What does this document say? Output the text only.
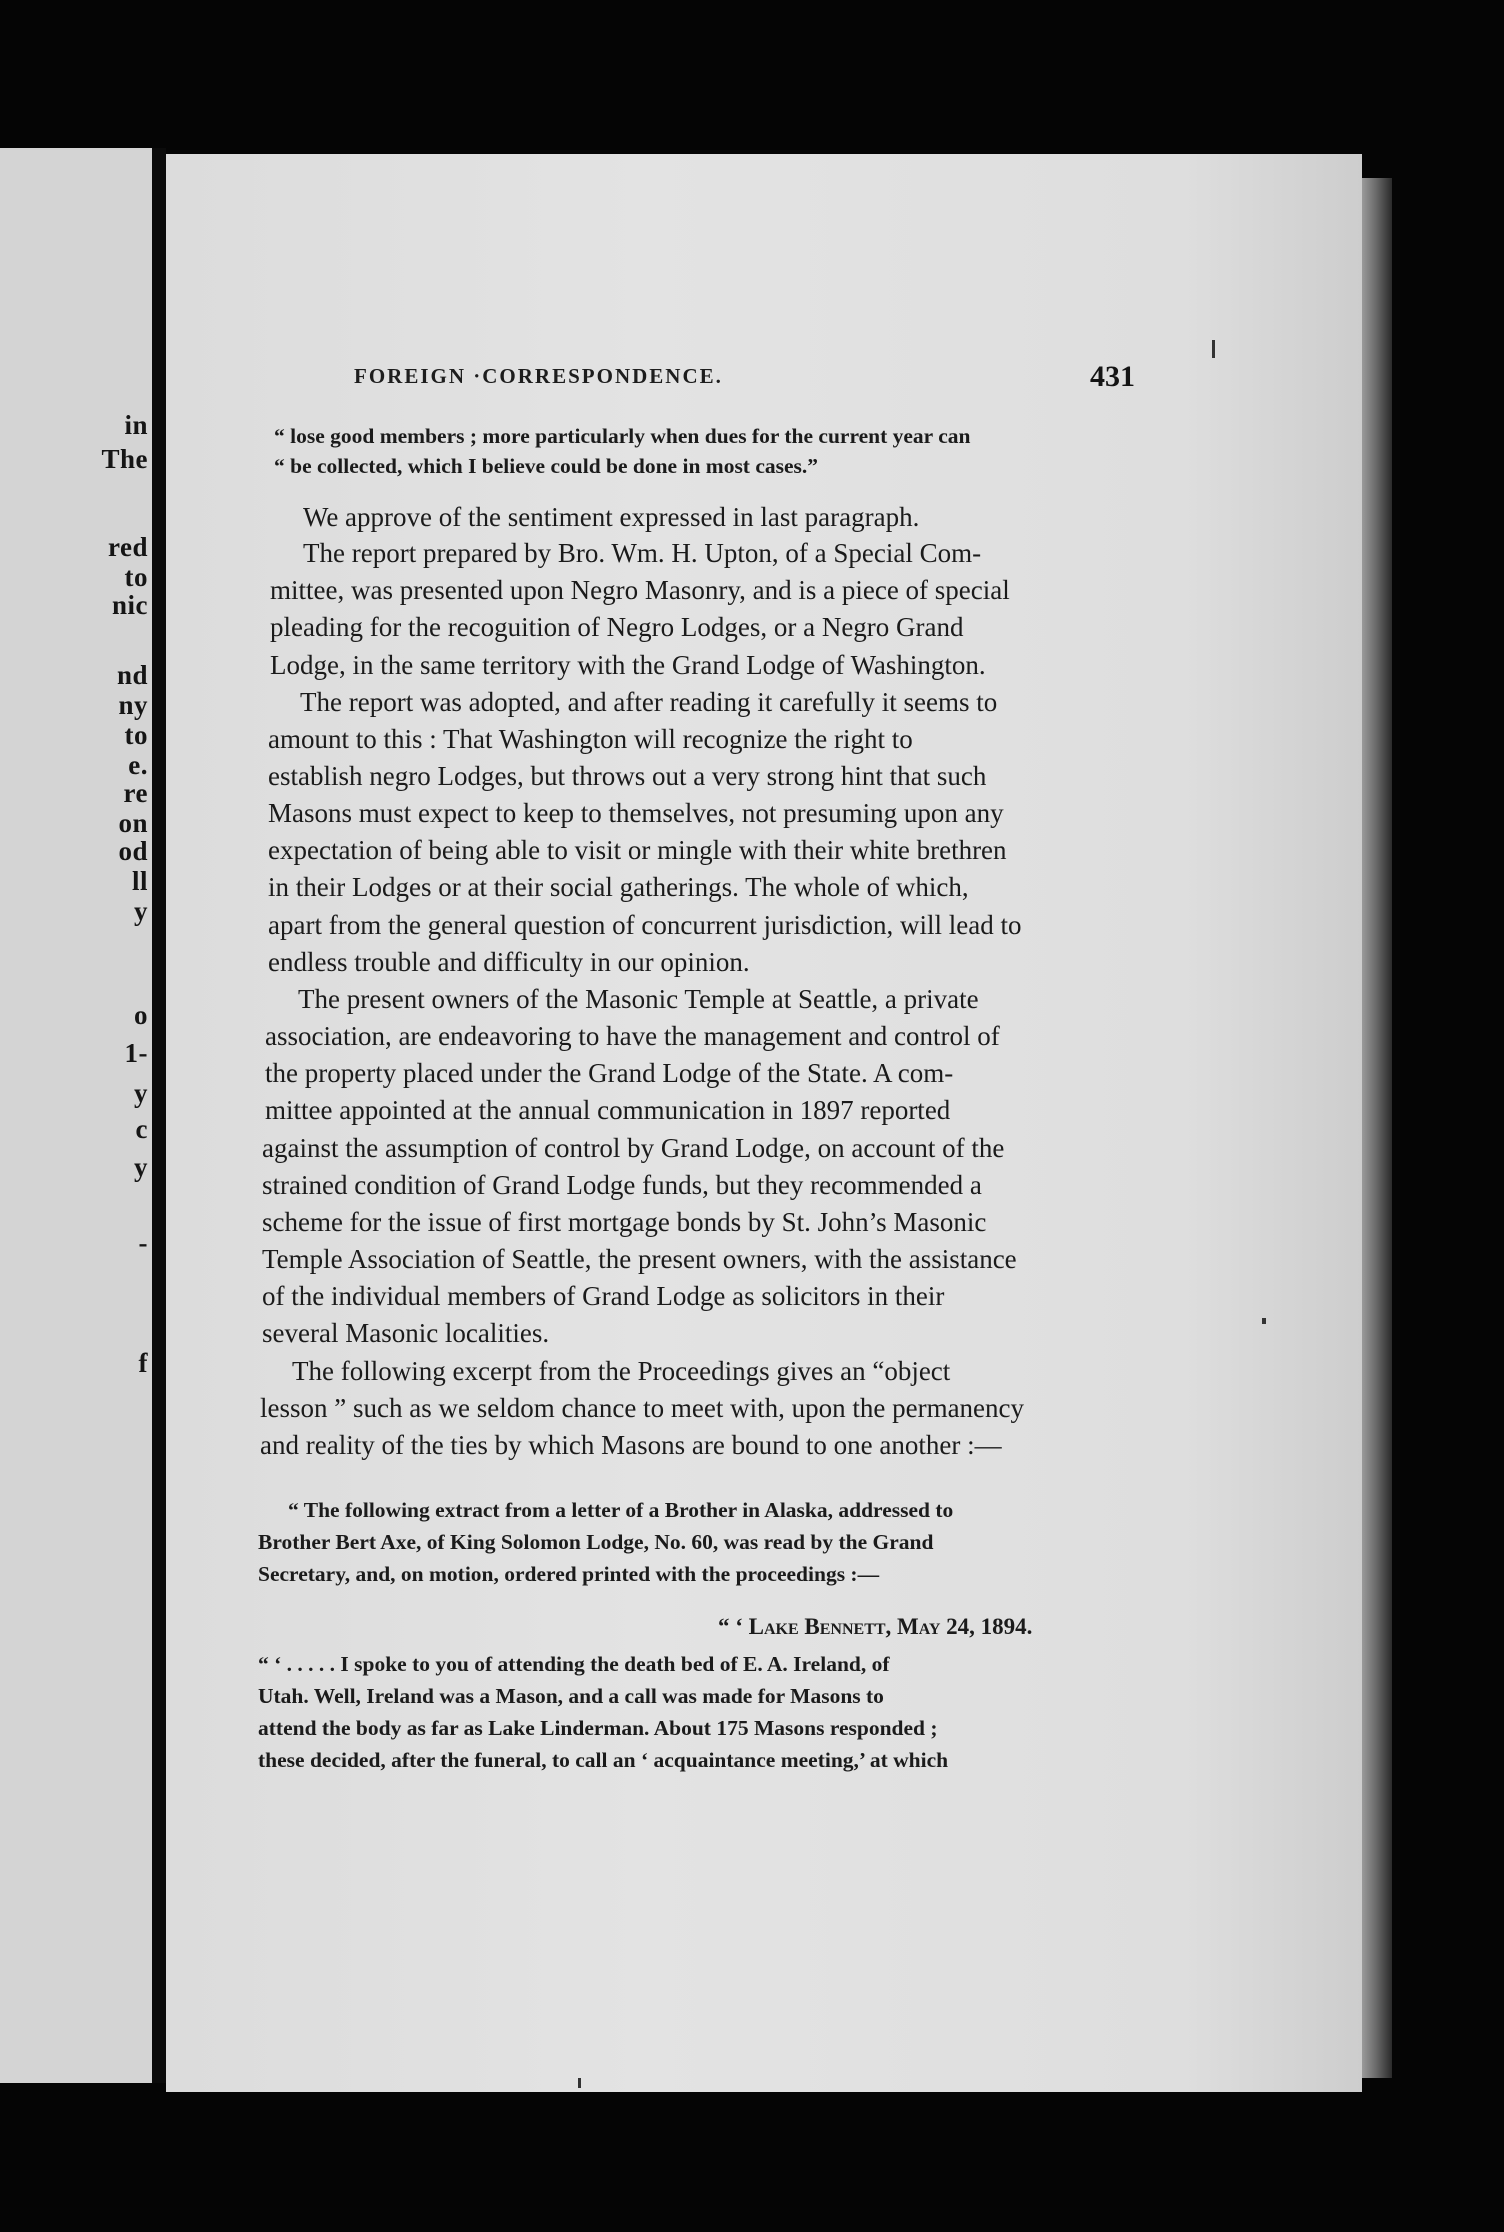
in
The
red
to
nic
nd
ny
to
e.
re
on
od
ll
y
o
1-
y
c
y
-
f
FOREIGN ·CORRESPONDENCE.	431
“ lose good members ; more particularly when dues for the current year can
“ be collected, which I believe could be done in most cases.”
We approve of the sentiment expressed in last paragraph.
The report prepared by Bro. Wm. H. Upton, of a Special Com-
mittee, was presented upon Negro Masonry, and is a piece of special
pleading for the recoguition of Negro Lodges, or a Negro Grand
Lodge, in the same territory with the Grand Lodge of Washington.
The report was adopted, and after reading it carefully it seems to
amount to this : That Washington will recognize the right to
establish negro Lodges, but throws out a very strong hint that such
Masons must expect to keep to themselves, not presuming upon any
expectation of being able to visit or mingle with their white brethren
in their Lodges or at their social gatherings. The whole of which,
apart from the general question of concurrent jurisdiction, will lead to
endless trouble and difficulty in our opinion.
The present owners of the Masonic Temple at Seattle, a private
association, are endeavoring to have the management and control of
the property placed under the Grand Lodge of the State. A com-
mittee appointed at the annual communication in 1897 reported
against the assumption of control by Grand Lodge, on account of the
strained condition of Grand Lodge funds, but they recommended a
scheme for the issue of first mortgage bonds by St. John’s Masonic
Temple Association of Seattle, the present owners, with the assistance
of the individual members of Grand Lodge as solicitors in their
several Masonic localities.
The following excerpt from the Proceedings gives an “object
lesson ” such as we seldom chance to meet with, upon the permanency
and reality of the ties by which Masons are bound to one another :—
“ The following extract from a letter of a Brother in Alaska, addressed to
Brother Bert Axe, of King Solomon Lodge, No. 60, was read by the Grand
Secretary, and, on motion, ordered printed with the proceedings :—
“ ‘ Lake Bennett, May 24, 1894.
“ ‘ . . . . . I spoke to you of attending the death bed of E. A. Ireland, of
Utah. Well, Ireland was a Mason, and a call was made for Masons to
attend the body as far as Lake Linderman. About 175 Masons responded ;
these decided, after the funeral, to call an ‘ acquaintance meeting,’ at which
